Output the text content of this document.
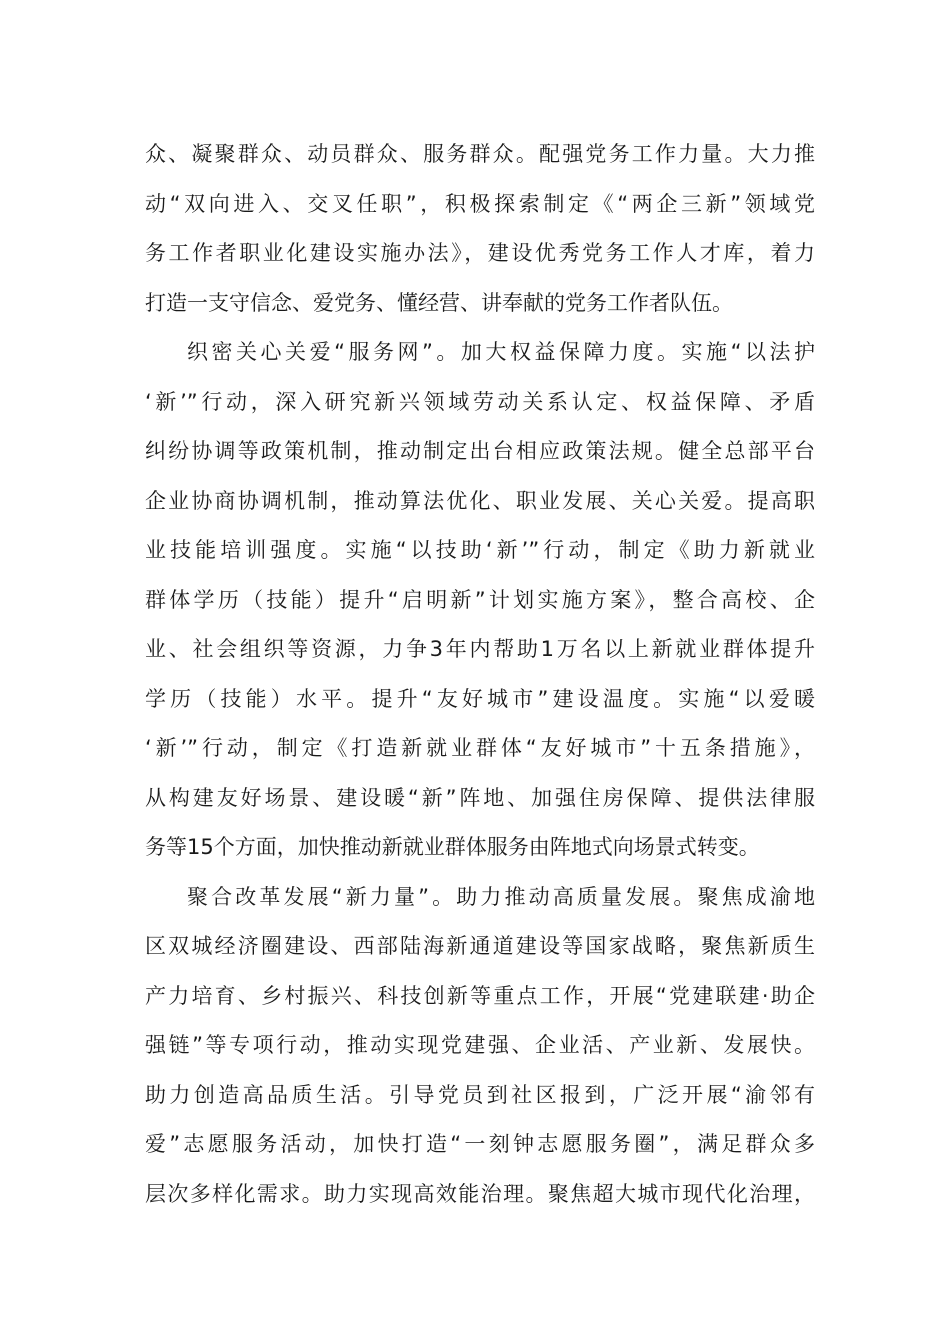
众、凝聚群众、动员群众、服务群众。配强党务工作力量。大力推
动“双向进入、交叉任职”，积极探索制定《“两企三新”领域党
务工作者职业化建设实施办法》，建设优秀党务工作人才库，着力
打造一支守信念、爱党务、懂经营、讲奉献的党务工作者队伍。
织密关心关爱“服务网”。加大权益保障力度。实施“以法护
‘新’”行动，深入研究新兴领域劳动关系认定、权益保障、矛盾
纠纷协调等政策机制，推动制定出台相应政策法规。健全总部平台
企业协商协调机制，推动算法优化、职业发展、关心关爱。提高职
业技能培训强度。实施“以技助‘新’”行动，制定《助力新就业
群体学历（技能）提升“启明新”计划实施方案》，整合高校、企
业、社会组织等资源，力争3年内帮助1万名以上新就业群体提升
学历（技能）水平。提升“友好城市”建设温度。实施“以爱暖
‘新’”行动，制定《打造新就业群体“友好城市”十五条措施》，
从构建友好场景、建设暖“新”阵地、加强住房保障、提供法律服
务等15个方面，加快推动新就业群体服务由阵地式向场景式转变。
聚合改革发展“新力量”。助力推动高质量发展。聚焦成渝地
区双城经济圈建设、西部陆海新通道建设等国家战略，聚焦新质生
产力培育、乡村振兴、科技创新等重点工作，开展“党建联建·助企
强链”等专项行动，推动实现党建强、企业活、产业新、发展快。
助力创造高品质生活。引导党员到社区报到，广泛开展“渝邻有
爱”志愿服务活动，加快打造“一刻钟志愿服务圈”，满足群众多
层次多样化需求。助力实现高效能治理。聚焦超大城市现代化治理，
